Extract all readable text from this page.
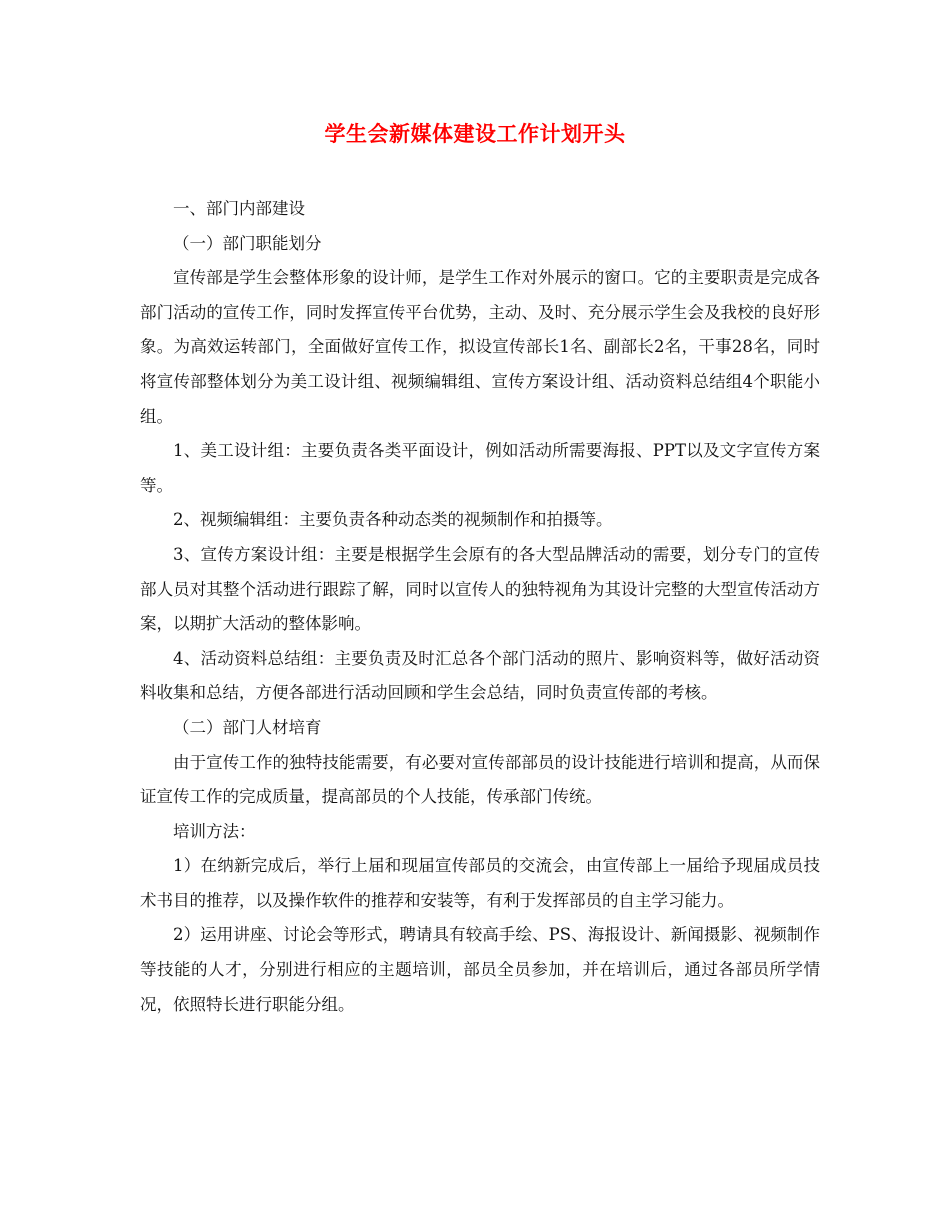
学生会新媒体建设工作计划开头

一、部门内部建设

（一）部门职能划分

宣传部是学生会整体形象的设计师，是学生工作对外展示的窗口。它的主要职责是完成各部门活动的宣传工作，同时发挥宣传平台优势，主动、及时、充分展示学生会及我校的良好形象。为高效运转部门，全面做好宣传工作，拟设宣传部长1名、副部长2名，干事28名，同时将宣传部整体划分为美工设计组、视频编辑组、宣传方案设计组、活动资料总结组4个职能小组。

1、美工设计组：主要负责各类平面设计，例如活动所需要海报、PPT以及文字宣传方案等。

2、视频编辑组：主要负责各种动态类的视频制作和拍摄等。

3、宣传方案设计组：主要是根据学生会原有的各大型品牌活动的需要，划分专门的宣传部人员对其整个活动进行跟踪了解，同时以宣传人的独特视角为其设计完整的大型宣传活动方案，以期扩大活动的整体影响。

4、活动资料总结组：主要负责及时汇总各个部门活动的照片、影响资料等，做好活动资料收集和总结，方便各部进行活动回顾和学生会总结，同时负责宣传部的考核。

（二）部门人材培育

由于宣传工作的独特技能需要，有必要对宣传部部员的设计技能进行培训和提高，从而保证宣传工作的完成质量，提高部员的个人技能，传承部门传统。

培训方法：

1）在纳新完成后，举行上届和现届宣传部员的交流会，由宣传部上一届给予现届成员技术书目的推荐，以及操作软件的推荐和安装等，有利于发挥部员的自主学习能力。

2）运用讲座、讨论会等形式，聘请具有较高手绘、PS、海报设计、新闻摄影、视频制作等技能的人才，分别进行相应的主题培训，部员全员参加，并在培训后，通过各部员所学情况，依照特长进行职能分组。
